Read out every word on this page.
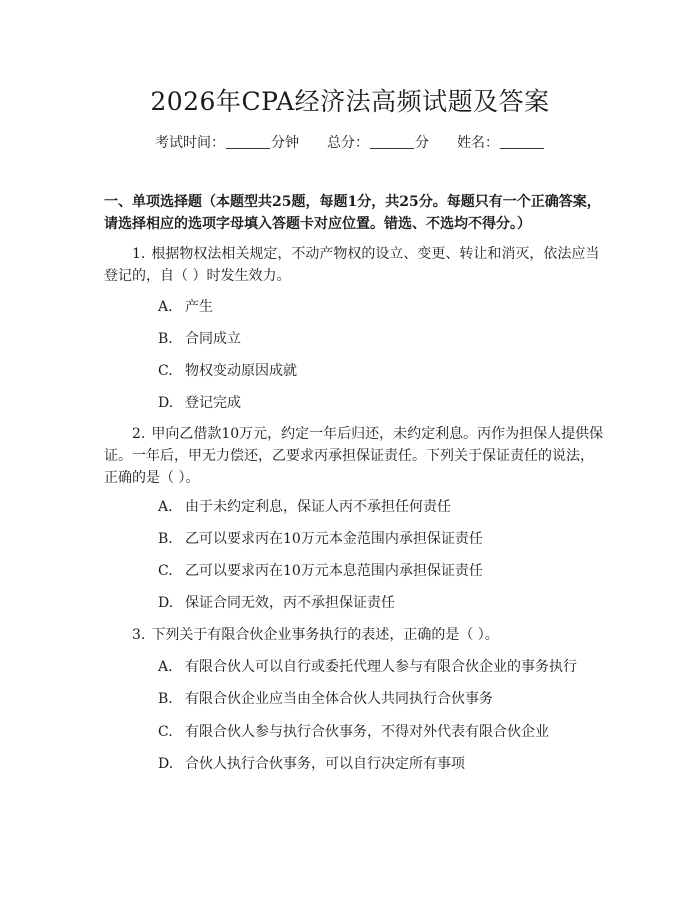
2026年CPA经济法高频试题及答案
考试时间：	分钟 总分：	分 姓名：
一、单项选择题（本题型共25题，每题1分，共25分。每题只有一个正确答案，请选择相应的选项字母填入答题卡对应位置。错选、不选均不得分。）
1. 根据物权法相关规定，不动产物权的设立、变更、转让和消灭，依法应当登记的，自（ ）时发生效力。
A. 产生
B. 合同成立
C. 物权变动原因成就
D. 登记完成
2. 甲向乙借款10万元，约定一年后归还，未约定利息。丙作为担保人提供保证。一年后，甲无力偿还，乙要求丙承担保证责任。下列关于保证责任的说法，正确的是（ ）。
A. 由于未约定利息，保证人丙不承担任何责任
B. 乙可以要求丙在10万元本金范围内承担保证责任
C. 乙可以要求丙在10万元本息范围内承担保证责任
D. 保证合同无效，丙不承担保证责任
3. 下列关于有限合伙企业事务执行的表述，正确的是（ ）。
A. 有限合伙人可以自行或委托代理人参与有限合伙企业的事务执行
B. 有限合伙企业应当由全体合伙人共同执行合伙事务
C. 有限合伙人参与执行合伙事务，不得对外代表有限合伙企业
D. 合伙人执行合伙事务，可以自行决定所有事项
